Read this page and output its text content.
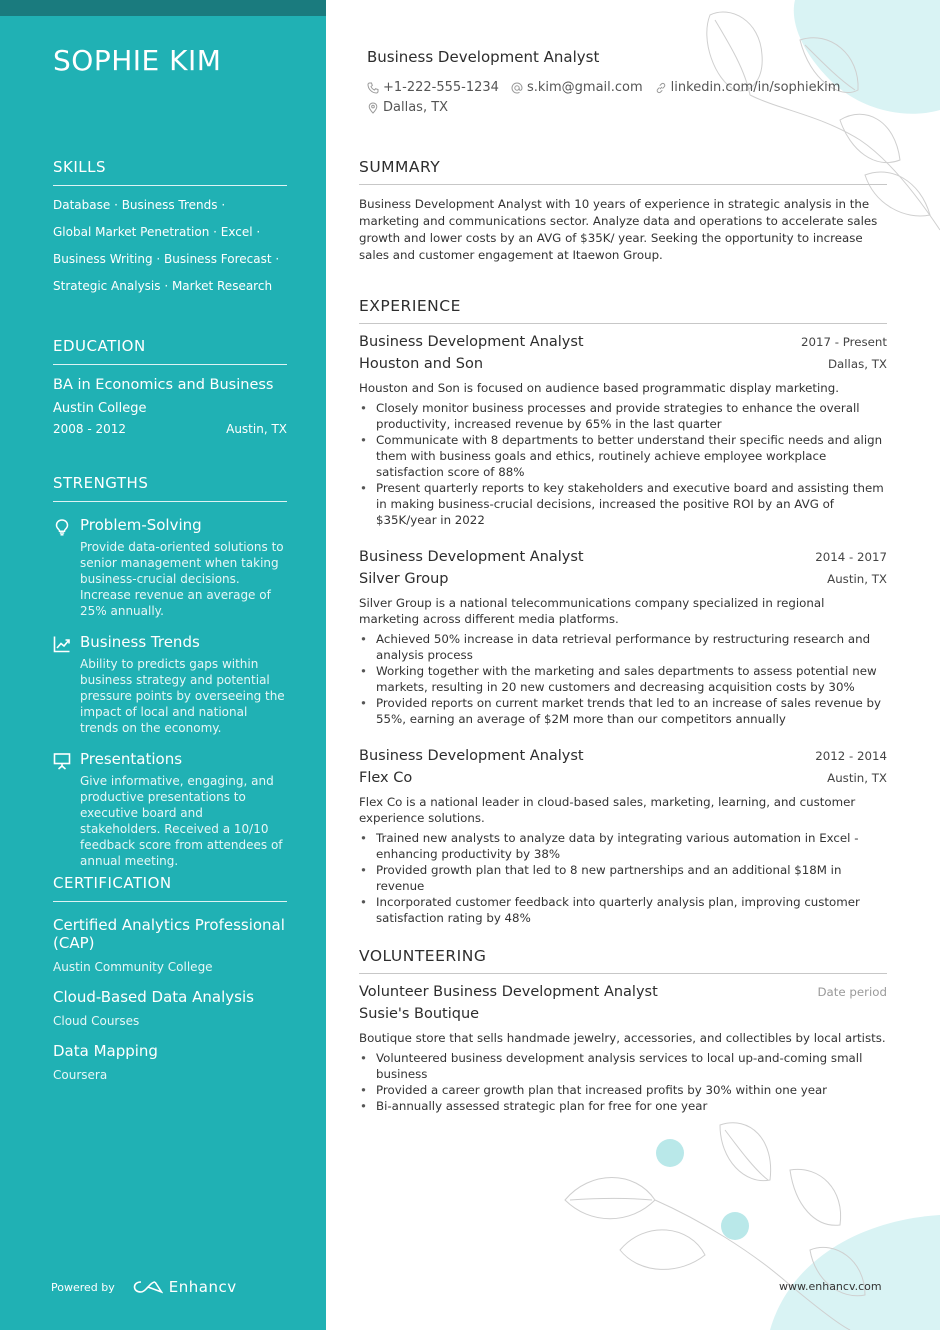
SOPHIE KIM
SKILLS
Database · Business Trends ·
Global Market Penetration · Excel ·
Business Writing · Business Forecast ·
Strategic Analysis · Market Research
EDUCATION
BA in Economics and Business
Austin College
2008 - 2012	Austin, TX
STRENGTHS
Problem-Solving
Provide data-oriented solutions to senior management when taking business-crucial decisions. Increase revenue an average of 25% annually.
Business Trends
Ability to predicts gaps within business strategy and potential pressure points by overseeing the impact of local and national trends on the economy.
Presentations
Give informative, engaging, and productive presentations to executive board and stakeholders. Received a 10/10 feedback score from attendees of annual meeting.
CERTIFICATION
Certified Analytics Professional (CAP)
Austin Community College
Cloud-Based Data Analysis
Cloud Courses
Data Mapping
Coursera
Powered by	Enhancv
Business Development Analyst
+1-222-555-1234 s.kim@gmail.com linkedin.com/in/sophiekim
Dallas, TX
SUMMARY
Business Development Analyst with 10 years of experience in strategic analysis in the marketing and communications sector. Analyze data and operations to accelerate sales growth and lower costs by an AVG of $35K/ year. Seeking the opportunity to increase sales and customer engagement at Itaewon Group.
EXPERIENCE
Business Development Analyst	2017 - Present
Houston and Son	Dallas, TX
Houston and Son is focused on audience based programmatic display marketing.
• Closely monitor business processes and provide strategies to enhance the overall productivity, increased revenue by 65% in the last quarter
• Communicate with 8 departments to better understand their specific needs and align them with business goals and ethics, routinely achieve employee workplace satisfaction score of 88%
• Present quarterly reports to key stakeholders and executive board and assisting them in making business-crucial decisions, increased the positive ROI by an AVG of $35K/year in 2022
Business Development Analyst	2014 - 2017
Silver Group	Austin, TX
Silver Group is a national telecommunications company specialized in regional marketing across different media platforms.
• Achieved 50% increase in data retrieval performance by restructuring research and analysis process
• Working together with the marketing and sales departments to assess potential new markets, resulting in 20 new customers and decreasing acquisition costs by 30%
• Provided reports on current market trends that led to an increase of sales revenue by 55%, earning an average of $2M more than our competitors annually
Business Development Analyst	2012 - 2014
Flex Co	Austin, TX
Flex Co is a national leader in cloud-based sales, marketing, learning, and customer experience solutions.
• Trained new analysts to analyze data by integrating various automation in Excel - enhancing productivity by 38%
• Provided growth plan that led to 8 new partnerships and an additional $18M in revenue
• Incorporated customer feedback into quarterly analysis plan, improving customer satisfaction rating by 48%
VOLUNTEERING
Volunteer Business Development Analyst	Date period
Susie's Boutique
Boutique store that sells handmade jewelry, accessories, and collectibles by local artists.
• Volunteered business development analysis services to local up-and-coming small business
• Provided a career growth plan that increased profits by 30% within one year
• Bi-annually assessed strategic plan for free for one year
www.enhancv.com
